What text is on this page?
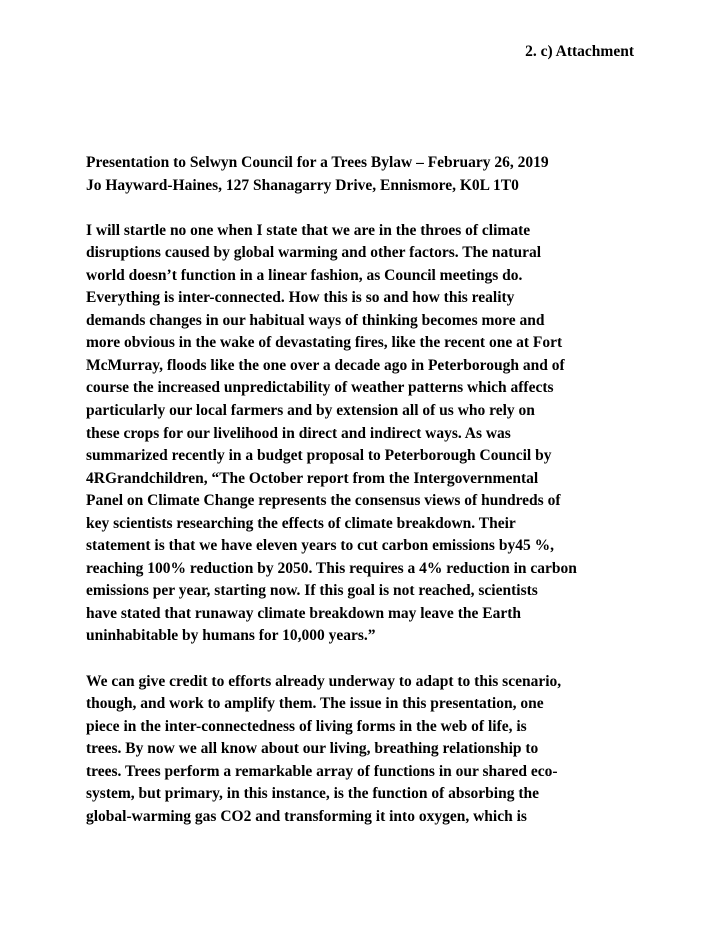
2. c) Attachment
Presentation to Selwyn Council for a Trees Bylaw – February 26, 2019
Jo Hayward-Haines, 127 Shanagarry Drive, Ennismore, K0L 1T0
I will startle no one when I state that we are in the throes of climate
disruptions caused by global warming and other factors. The natural
world doesn’t function in a linear fashion, as Council meetings do.
Everything is inter-connected. How this is so and how this reality
demands changes in our habitual ways of thinking becomes more and
more obvious in the wake of devastating fires, like the recent one at Fort
McMurray, floods like the one over a decade ago in Peterborough and of
course the increased unpredictability of weather patterns which affects
particularly our local farmers and by extension all of us who rely on
these crops for our livelihood in direct and indirect ways. As was
summarized recently in a budget proposal to Peterborough Council by
4RGrandchildren, “The October report from the Intergovernmental
Panel on Climate Change represents the consensus views of hundreds of
key scientists researching the effects of climate breakdown. Their
statement is that we have eleven years to cut carbon emissions by45 %,
reaching 100% reduction by 2050. This requires a 4% reduction in carbon
emissions per year, starting now. If this goal is not reached, scientists
have stated that runaway climate breakdown may leave the Earth
uninhabitable by humans for 10,000 years.”
We can give credit to efforts already underway to adapt to this scenario,
though, and work to amplify them. The issue in this presentation, one
piece in the inter-connectedness of living forms in the web of life, is
trees. By now we all know about our living, breathing relationship to
trees. Trees perform a remarkable array of functions in our shared eco-
system, but primary, in this instance, is the function of absorbing the
global-warming gas CO2 and transforming it into oxygen, which is
